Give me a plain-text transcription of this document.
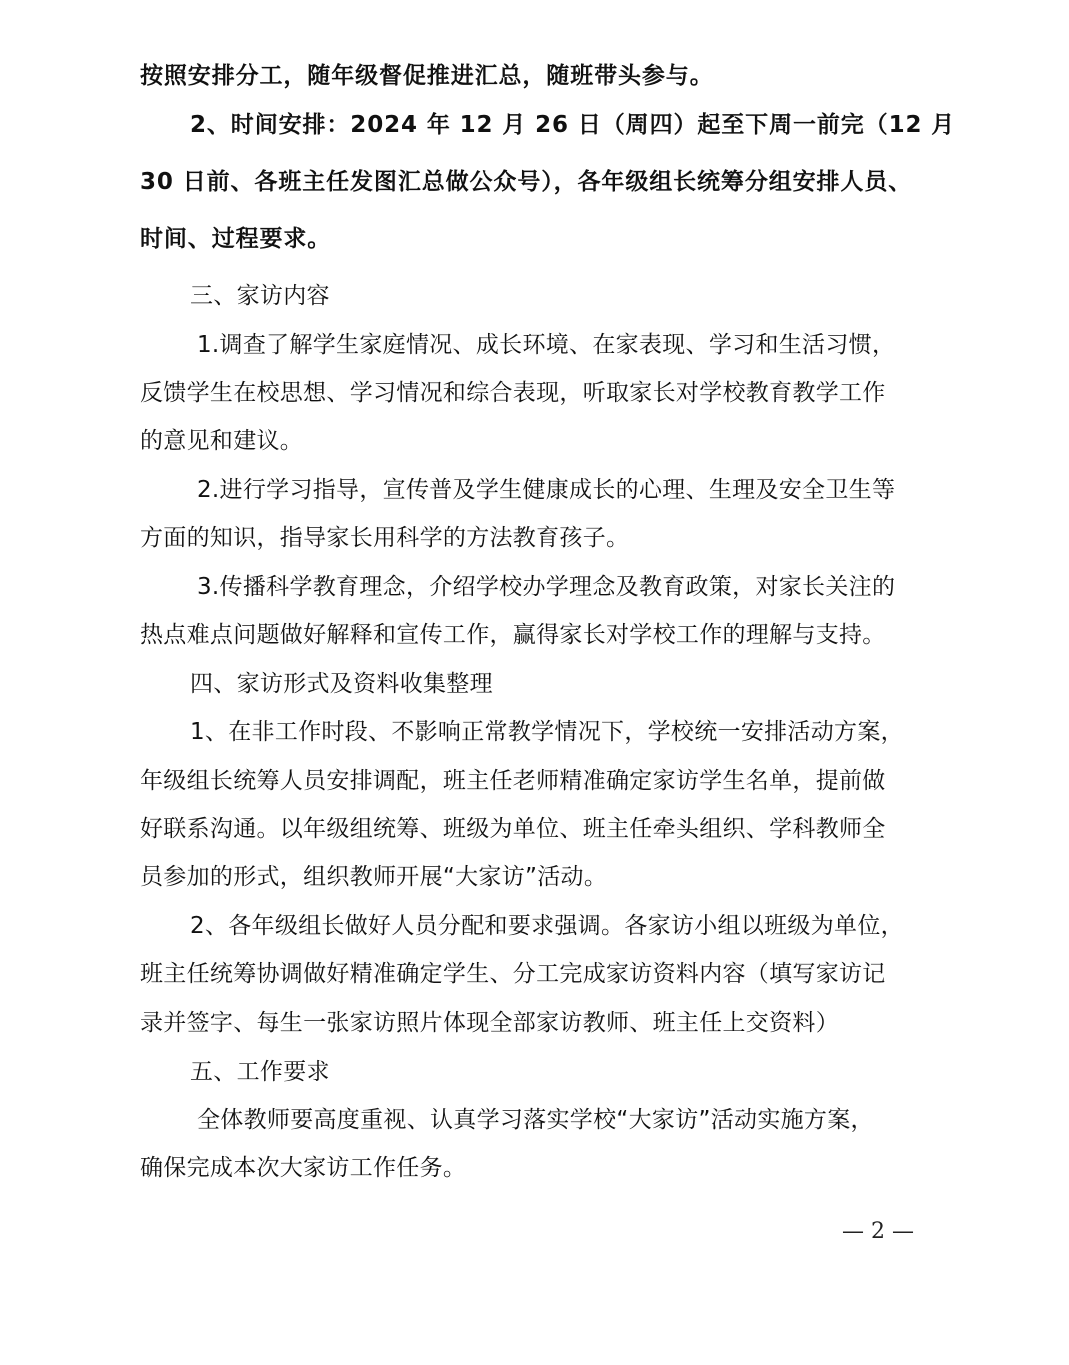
按照安排分工，随年级督促推进汇总，随班带头参与。
2、时间安排：2024 年 12 月 26 日（周四）起至下周一前完（12 月
30 日前、各班主任发图汇总做公众号），各年级组长统筹分组安排人员、
时间、过程要求。
三、家访内容
1.调查了解学生家庭情况、成长环境、在家表现、学习和生活习惯，
反馈学生在校思想、学习情况和综合表现，听取家长对学校教育教学工作
的意见和建议。
2.进行学习指导，宣传普及学生健康成长的心理、生理及安全卫生等
方面的知识，指导家长用科学的方法教育孩子。
3.传播科学教育理念，介绍学校办学理念及教育政策，对家长关注的
热点难点问题做好解释和宣传工作，赢得家长对学校工作的理解与支持。
四、家访形式及资料收集整理
1、在非工作时段、不影响正常教学情况下，学校统一安排活动方案，
年级组长统筹人员安排调配，班主任老师精准确定家访学生名单，提前做
好联系沟通。以年级组统筹、班级为单位、班主任牵头组织、学科教师全
员参加的形式，组织教师开展“大家访”活动。
2、各年级组长做好人员分配和要求强调。各家访小组以班级为单位，
班主任统筹协调做好精准确定学生、分工完成家访资料内容（填写家访记
录并签字、每生一张家访照片体现全部家访教师、班主任上交资料）
五、工作要求
全体教师要高度重视、认真学习落实学校“大家访”活动实施方案，
确保完成本次大家访工作任务。
— 2 —
